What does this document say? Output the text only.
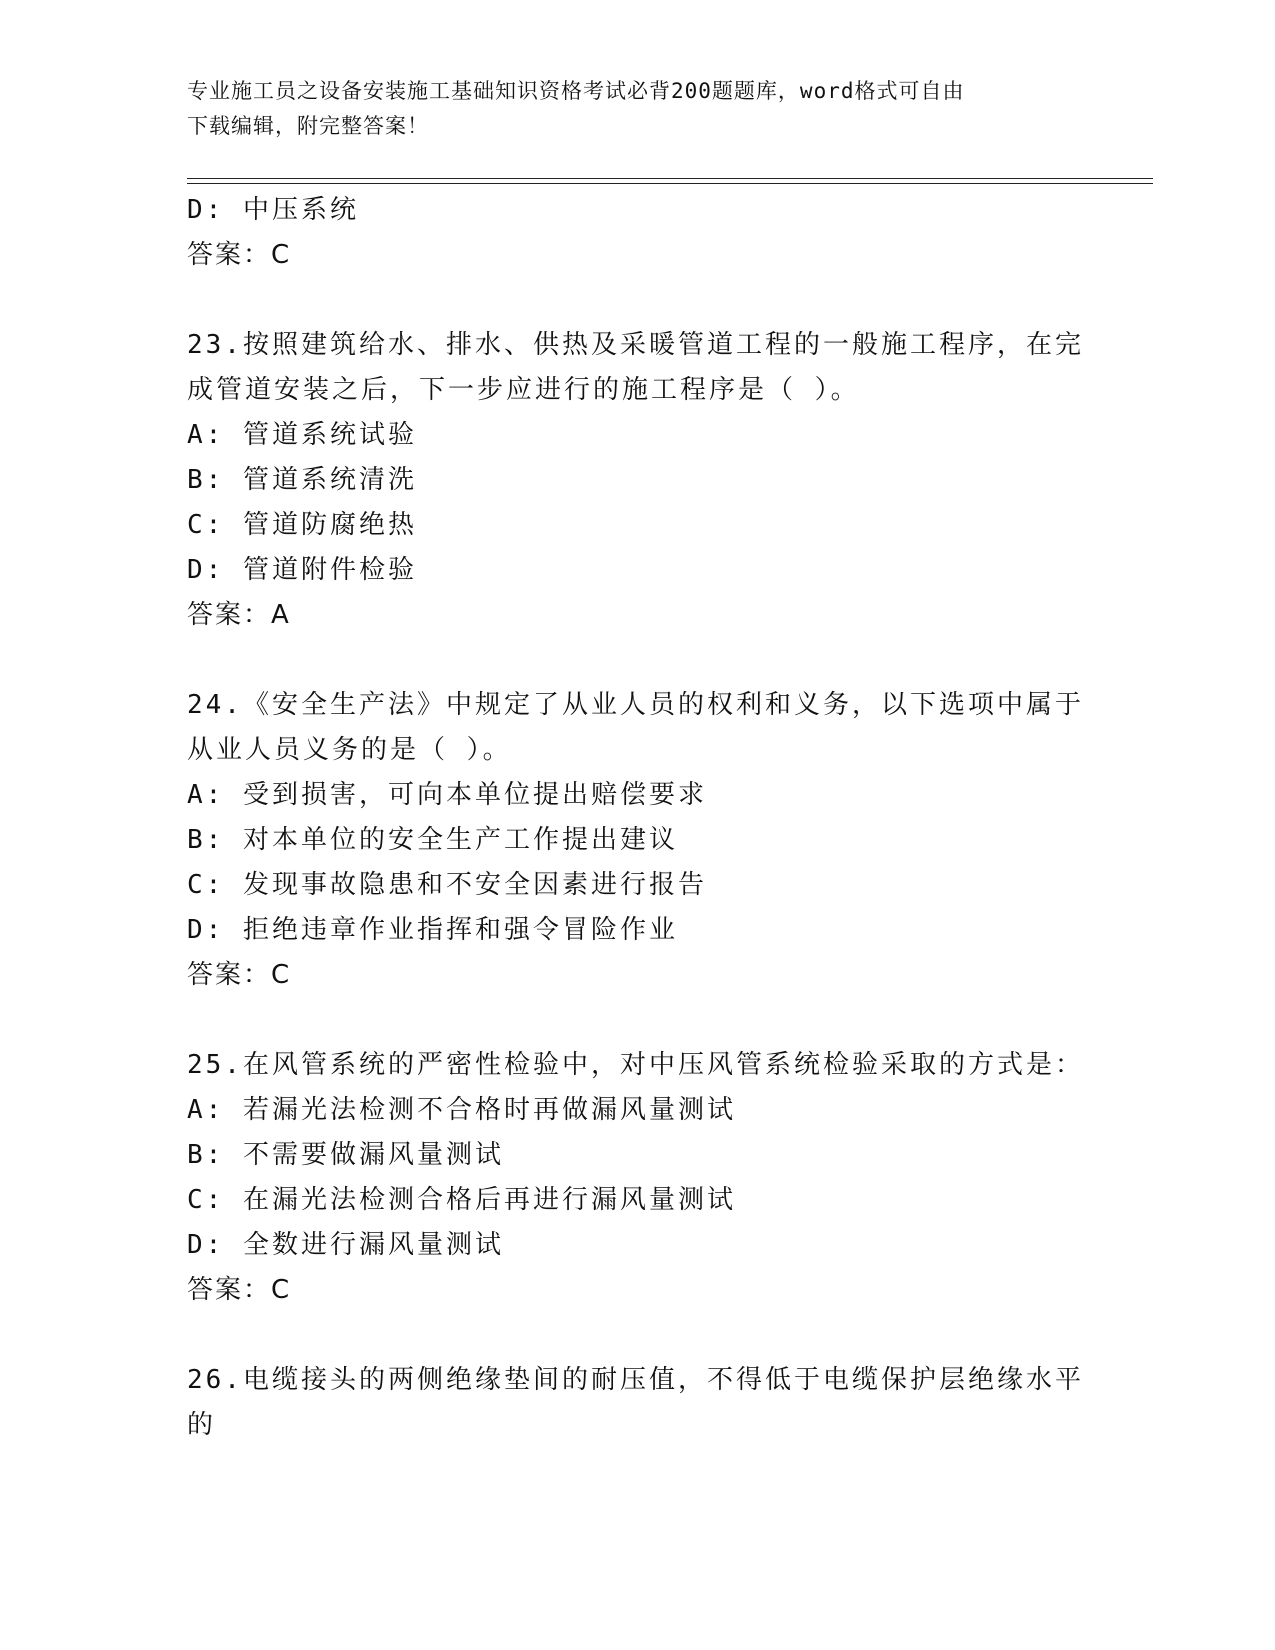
专业施工员之设备安装施工基础知识资格考试必背200题题库，word格式可自由
下载编辑，附完整答案！
D: 中压系统
答案：C
23.按照建筑给水、排水、供热及采暖管道工程的一般施工程序，在完
成管道安装之后，下一步应进行的施工程序是（ ）。
A: 管道系统试验
B: 管道系统清洗
C: 管道防腐绝热
D: 管道附件检验
答案：A
24.《安全生产法》中规定了从业人员的权利和义务，以下选项中属于
从业人员义务的是（ ）。
A: 受到损害，可向本单位提出赔偿要求
B: 对本单位的安全生产工作提出建议
C: 发现事故隐患和不安全因素进行报告
D: 拒绝违章作业指挥和强令冒险作业
答案：C
25.在风管系统的严密性检验中，对中压风管系统检验采取的方式是：
A: 若漏光法检测不合格时再做漏风量测试
B: 不需要做漏风量测试
C: 在漏光法检测合格后再进行漏风量测试
D: 全数进行漏风量测试
答案：C
26.电缆接头的两侧绝缘垫间的耐压值，不得低于电缆保护层绝缘水平
的
